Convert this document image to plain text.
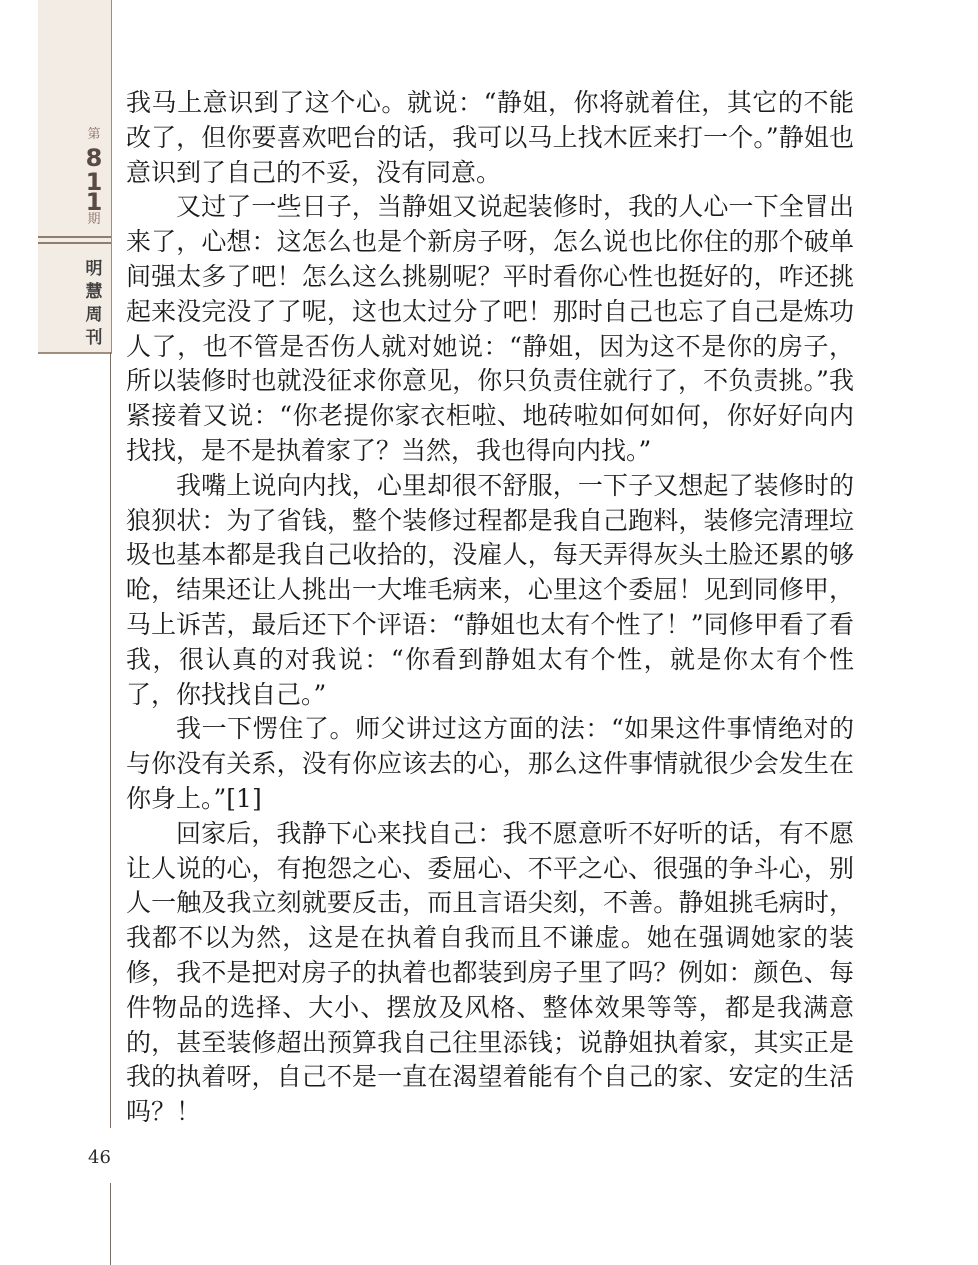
第
8
1
1
期
明
慧
周
刊

我马上意识到了这个心。就说：“静姐，你将就着住，其它的不能改了，但你要喜欢吧台的话，我可以马上找木匠来打一个。”静姐也意识到了自己的不妥，没有同意。

又过了一些日子，当静姐又说起装修时，我的人心一下全冒出来了，心想：这怎么也是个新房子呀，怎么说也比你住的那个破单间强太多了吧！怎么这么挑剔呢？平时看你心性也挺好的，咋还挑起来没完没了了呢，这也太过分了吧！那时自己也忘了自己是炼功人了，也不管是否伤人就对她说：“静姐，因为这不是你的房子，所以装修时也就没征求你意见，你只负责住就行了，不负责挑。”我紧接着又说：“你老提你家衣柜啦、地砖啦如何如何，你好好向内找找，是不是执着家了？当然，我也得向内找。”

我嘴上说向内找，心里却很不舒服，一下子又想起了装修时的狼狈状：为了省钱，整个装修过程都是我自己跑料，装修完清理垃圾也基本都是我自己收拾的，没雇人，每天弄得灰头土脸还累的够呛，结果还让人挑出一大堆毛病来，心里这个委屈！见到同修甲，马上诉苦，最后还下个评语：“静姐也太有个性了！”同修甲看了看我，很认真的对我说：“你看到静姐太有个性，就是你太有个性了，你找找自己。”

我一下愣住了。师父讲过这方面的法：“如果这件事情绝对的与你没有关系，没有你应该去的心，那么这件事情就很少会发生在你身上。”[1]

回家后，我静下心来找自己：我不愿意听不好听的话，有不愿让人说的心，有抱怨之心、委屈心、不平之心、很强的争斗心，别人一触及我立刻就要反击，而且言语尖刻，不善。静姐挑毛病时，我都不以为然，这是在执着自我而且不谦虚。她在强调她家的装修，我不是把对房子的执着也都装到房子里了吗？例如：颜色、每件物品的选择、大小、摆放及风格、整体效果等等，都是我满意的，甚至装修超出预算我自己往里添钱；说静姐执着家，其实正是我的执着呀，自己不是一直在渴望着能有个自己的家、安定的生活吗？！

46
